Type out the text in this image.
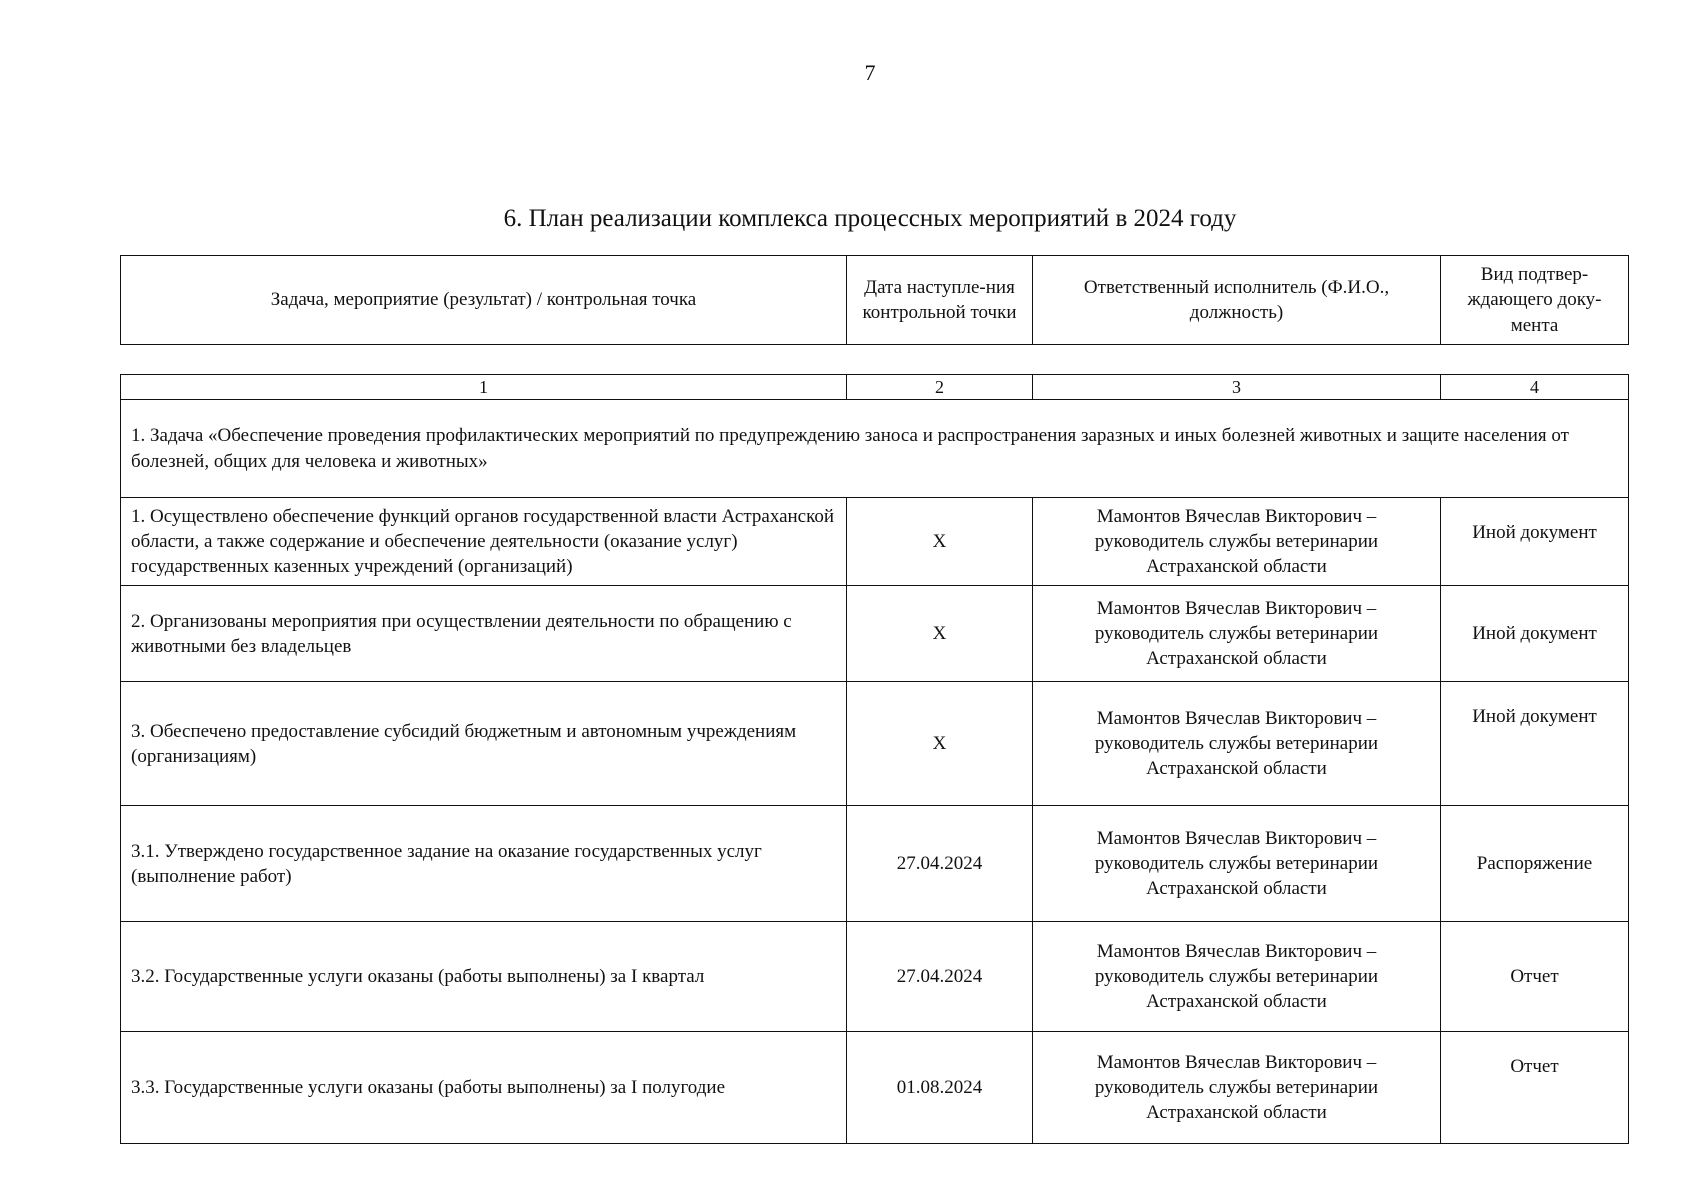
7
6. План реализации комплекса процессных мероприятий в 2024 году
Задача, мероприятие (результат) / контрольная точка	Дата наступле-ния контрольной точки	Ответственный исполнитель (Ф.И.О., должность)	Вид подтвер-ждающего доку-мента
1	2	3	4
1. Задача «Обеспечение проведения профилактических мероприятий по предупреждению заноса и распространения заразных и иных болезней животных и защите населения от болезней, общих для человека и животных»			
1. Осуществлено обеспечение функций органов государственной власти Астраханской области, а также содержание и обеспечение деятельности (оказание услуг) государственных казенных учреждений (организаций)	X	Мамонтов Вячеслав Викторович – руководитель службы ветеринарии Астраханской области	Иной документ
2. Организованы мероприятия при осуществлении деятельности по обращению с животными без владельцев	X	Мамонтов Вячеслав Викторович – руководитель службы ветеринарии Астраханской области	Иной документ
3. Обеспечено предоставление субсидий бюджетным и автономным учреждениям (организациям)	X	Мамонтов Вячеслав Викторович – руководитель службы ветеринарии Астраханской области	Иной документ
3.1. Утверждено государственное задание на оказание государственных услуг (выполнение работ)	27.04.2024	Мамонтов Вячеслав Викторович – руководитель службы ветеринарии Астраханской области	Распоряжение
3.2. Государственные услуги оказаны (работы выполнены) за I квартал	27.04.2024	Мамонтов Вячеслав Викторович – руководитель службы ветеринарии Астраханской области	Отчет
3.3. Государственные услуги оказаны (работы выполнены) за I полугодие	01.08.2024	Мамонтов Вячеслав Викторович – руководитель службы ветеринарии Астраханской области	Отчет
